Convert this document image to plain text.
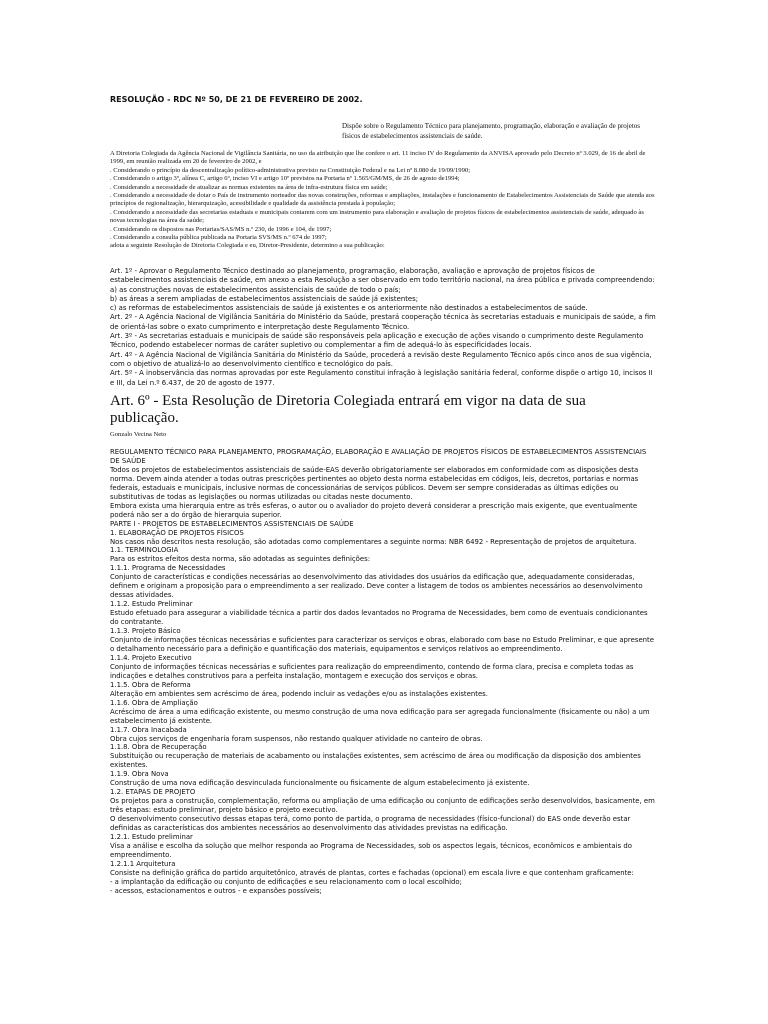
RESOLUÇÃO - RDC Nº 50, DE 21 DE FEVEREIRO DE 2002.
Dispõe sobre o Regulamento Técnico para planejamento, programação, elaboração e avaliação de projetos físicos de estabelecimentos assistenciais de saúde.

A Diretoria Colegiada da Agência Nacional de Vigilância Sanitária, no uso da atribuição que lhe confere o art. 11 inciso IV do Regulamento da ANVISA aprovado pelo Decreto nº 3.029, de 16 de abril de 1999, em reunião realizada em 20 de fevereiro de 2002, e

. Considerando o princípio da descentralização político-administrativa previsto na Constituição Federal e na Lei nº 8.080 de 19/09/1990;

. Considerando o artigo 3º, alínea C, artigo 6º, inciso VI e artigo 10º previstos na Portaria nº 1.565/GM/MS, de 26 de agosto de1994;

. Considerando a necessidade de atualizar as normas existentes na área de infra-estrutura física em saúde;

. Considerando a necessidade de dotar o País de instrumento norteador das novas construções, reformas e ampliações, instalações e funcionamento de Estabelecimentos Assistenciais de Saúde que atenda aos princípios de regionalização, hierarquização, acessibilidade e qualidade da assistência prestada à população;

. Considerando a necessidade das secretarias estaduais e municipais contarem com um instrumento para elaboração e avaliação de projetos físicos de estabelecimentos assistenciais de saúde, adequado às novas tecnologias na área da saúde;

. Considerando os dispostos nas Portarias/SAS/MS n.º 230, de 1996 e 104, de 1997;

. Considerando a consulta pública publicada na Portaria SVS/MS n.º 674 de 1997;

adota a seguinte Resolução de Diretoria Colegiada e eu, Diretor-Presidente, determino a sua publicação:

Art. 1º - Aprovar o Regulamento Técnico destinado ao planejamento, programação, elaboração, avaliação e aprovação de projetos físicos de estabelecimentos assistenciais de saúde, em anexo a esta Resolução a ser observado em todo território nacional, na área pública e privada compreendendo:

a) as construções novas de estabelecimentos assistenciais de saúde de todo o país;

b) as áreas a serem ampliadas de estabelecimentos assistenciais de saúde já existentes;

c) as reformas de estabelecimentos assistenciais de saúde já existentes e os anteriormente não destinados a estabelecimentos de saúde.

Art. 2º - A Agência Nacional de Vigilância Sanitária do Ministério da Saúde, prestará cooperação técnica às secretarias estaduais e municipais de saúde, a fim de orientá-las sobre o exato cumprimento e interpretação deste Regulamento Técnico.

Art. 3º - As secretarias estaduais e municipais de saúde são responsáveis pela aplicação e execução de ações visando o cumprimento deste Regulamento Técnico, podendo estabelecer normas de caráter supletivo ou complementar a fim de adequá-lo às especificidades locais.

Art. 4º - A Agência Nacional de Vigilância Sanitária do Ministério da Saúde, procederá a revisão deste Regulamento Técnico após cinco anos de sua vigência, com o objetivo de atualizá-lo ao desenvolvimento científico e tecnológico do país.

Art. 5º - A inobservância das normas aprovadas por este Regulamento constitui infração à legislação sanitária federal, conforme dispõe o artigo 10, incisos II e III, da Lei n.º 6.437, de 20 de agosto de 1977.

Art. 6º - Esta Resolução de Diretoria Colegiada entrará em vigor na data de sua publicação.
Gonzalo Vecina Neto

REGULAMENTO TÉCNICO PARA PLANEJAMENTO, PROGRAMAÇÃO, ELABORAÇÃO E AVALIAÇÃO DE PROJETOS FÍSICOS DE ESTABELECIMENTOS ASSISTENCIAIS DE SAÚDE

Todos os projetos de estabelecimentos assistenciais de saúde-EAS deverão obrigatoriamente ser elaborados em conformidade com as disposições desta norma. Devem ainda atender a todas outras prescrições pertinentes ao objeto desta norma estabelecidas em códigos, leis, decretos, portarias e normas federais, estaduais e municipais, inclusive normas de concessionárias de serviços públicos. Devem ser sempre consideradas as últimas edições ou substitutivas de todas as legislações ou normas utilizadas ou citadas neste documento.

Embora exista uma hierarquia entre as três esferas, o autor ou o avaliador do projeto deverá considerar a prescrição mais exigente, que eventualmente poderá não ser a do órgão de hierarquia superior.

PARTE I - PROJETOS DE ESTABELECIMENTOS ASSISTENCIAIS DE SAÚDE

1. ELABORAÇÃO DE PROJETOS FÍSICOS

Nos casos não descritos nesta resolução, são adotadas como complementares a seguinte norma: NBR 6492 - Representação de projetos de arquitetura.

1.1. TERMINOLOGIA

Para os estritos efeitos desta norma, são adotadas as seguintes definições:

1.1.1. Programa de Necessidades

Conjunto de características e condições necessárias ao desenvolvimento das atividades dos usuários da edificação que, adequadamente consideradas, definem e originam a proposição para o empreendimento a ser realizado. Deve conter a listagem de todos os ambientes necessários ao desenvolvimento dessas atividades.

1.1.2. Estudo Preliminar

Estudo efetuado para assegurar a viabilidade técnica a partir dos dados levantados no Programa de Necessidades, bem como de eventuais condicionantes do contratante.

1.1.3. Projeto Básico

Conjunto de informações técnicas necessárias e suficientes para caracterizar os serviços e obras, elaborado com base no Estudo Preliminar, e que apresente o detalhamento necessário para a definição e quantificação dos materiais, equipamentos e serviços relativos ao empreendimento.

1.1.4. Projeto Executivo

Conjunto de informações técnicas necessárias e suficientes para realização do empreendimento, contendo de forma clara, precisa e completa todas as indicações e detalhes construtivos para a perfeita instalação, montagem e execução dos serviços e obras.

1.1.5. Obra de Reforma

Alteração em ambientes sem acréscimo de área, podendo incluir as vedações e/ou as instalações existentes.

1.1.6. Obra de Ampliação

Acréscimo de área a uma edificação existente, ou mesmo construção de uma nova edificação para ser agregada funcionalmente (fisicamente ou não) a um estabelecimento já existente.

1.1.7. Obra Inacabada

Obra cujos serviços de engenharia foram suspensos, não restando qualquer atividade no canteiro de obras.

1.1.8. Obra de Recuperação

Substituição ou recuperação de materiais de acabamento ou instalações existentes, sem acréscimo de área ou modificação da disposição dos ambientes existentes.

1.1.9. Obra Nova

Construção de uma nova edificação desvinculada funcionalmente ou fisicamente de algum estabelecimento já existente.

1.2. ETAPAS DE PROJETO

Os projetos para a construção, complementação, reforma ou ampliação de uma edificação ou conjunto de edificações serão desenvolvidos, basicamente, em três etapas: estudo preliminar, projeto básico e projeto executivo.

O desenvolvimento consecutivo dessas etapas terá, como ponto de partida, o programa de necessidades (físico-funcional) do EAS onde deverão estar definidas as características dos ambientes necessários ao desenvolvimento das atividades previstas na edificação.

1.2.1. Estudo preliminar

Visa a análise e escolha da solução que melhor responda ao Programa de Necessidades, sob os aspectos legais, técnicos, econômicos e ambientais do empreendimento.

1.2.1.1 Arquitetura

Consiste na definição gráfica do partido arquitetônico, através de plantas, cortes e fachadas (opcional) em escala livre e que contenham graficamente:

- a implantação da edificação ou conjunto de edificações e seu relacionamento com o local escolhido;

- acessos, estacionamentos e outros - e expansões possíveis;
